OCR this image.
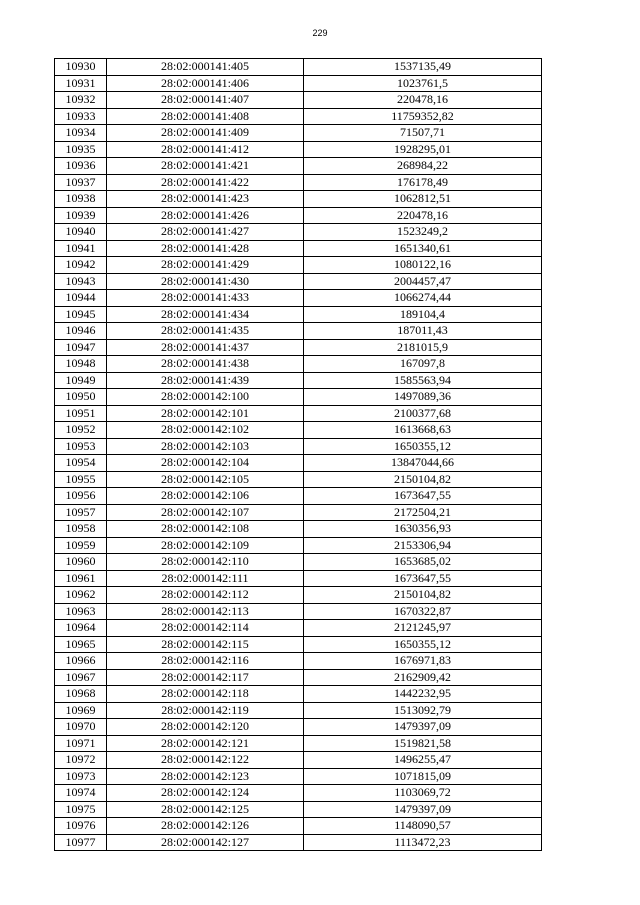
229
10930	28:02:000141:405	1537135,49
10931	28:02:000141:406	1023761,5
10932	28:02:000141:407	220478,16
10933	28:02:000141:408	11759352,82
10934	28:02:000141:409	71507,71
10935	28:02:000141:412	1928295,01
10936	28:02:000141:421	268984,22
10937	28:02:000141:422	176178,49
10938	28:02:000141:423	1062812,51
10939	28:02:000141:426	220478,16
10940	28:02:000141:427	1523249,2
10941	28:02:000141:428	1651340,61
10942	28:02:000141:429	1080122,16
10943	28:02:000141:430	2004457,47
10944	28:02:000141:433	1066274,44
10945	28:02:000141:434	189104,4
10946	28:02:000141:435	187011,43
10947	28:02:000141:437	2181015,9
10948	28:02:000141:438	167097,8
10949	28:02:000141:439	1585563,94
10950	28:02:000142:100	1497089,36
10951	28:02:000142:101	2100377,68
10952	28:02:000142:102	1613668,63
10953	28:02:000142:103	1650355,12
10954	28:02:000142:104	13847044,66
10955	28:02:000142:105	2150104,82
10956	28:02:000142:106	1673647,55
10957	28:02:000142:107	2172504,21
10958	28:02:000142:108	1630356,93
10959	28:02:000142:109	2153306,94
10960	28:02:000142:110	1653685,02
10961	28:02:000142:111	1673647,55
10962	28:02:000142:112	2150104,82
10963	28:02:000142:113	1670322,87
10964	28:02:000142:114	2121245,97
10965	28:02:000142:115	1650355,12
10966	28:02:000142:116	1676971,83
10967	28:02:000142:117	2162909,42
10968	28:02:000142:118	1442232,95
10969	28:02:000142:119	1513092,79
10970	28:02:000142:120	1479397,09
10971	28:02:000142:121	1519821,58
10972	28:02:000142:122	1496255,47
10973	28:02:000142:123	1071815,09
10974	28:02:000142:124	1103069,72
10975	28:02:000142:125	1479397,09
10976	28:02:000142:126	1148090,57
10977	28:02:000142:127	1113472,23
